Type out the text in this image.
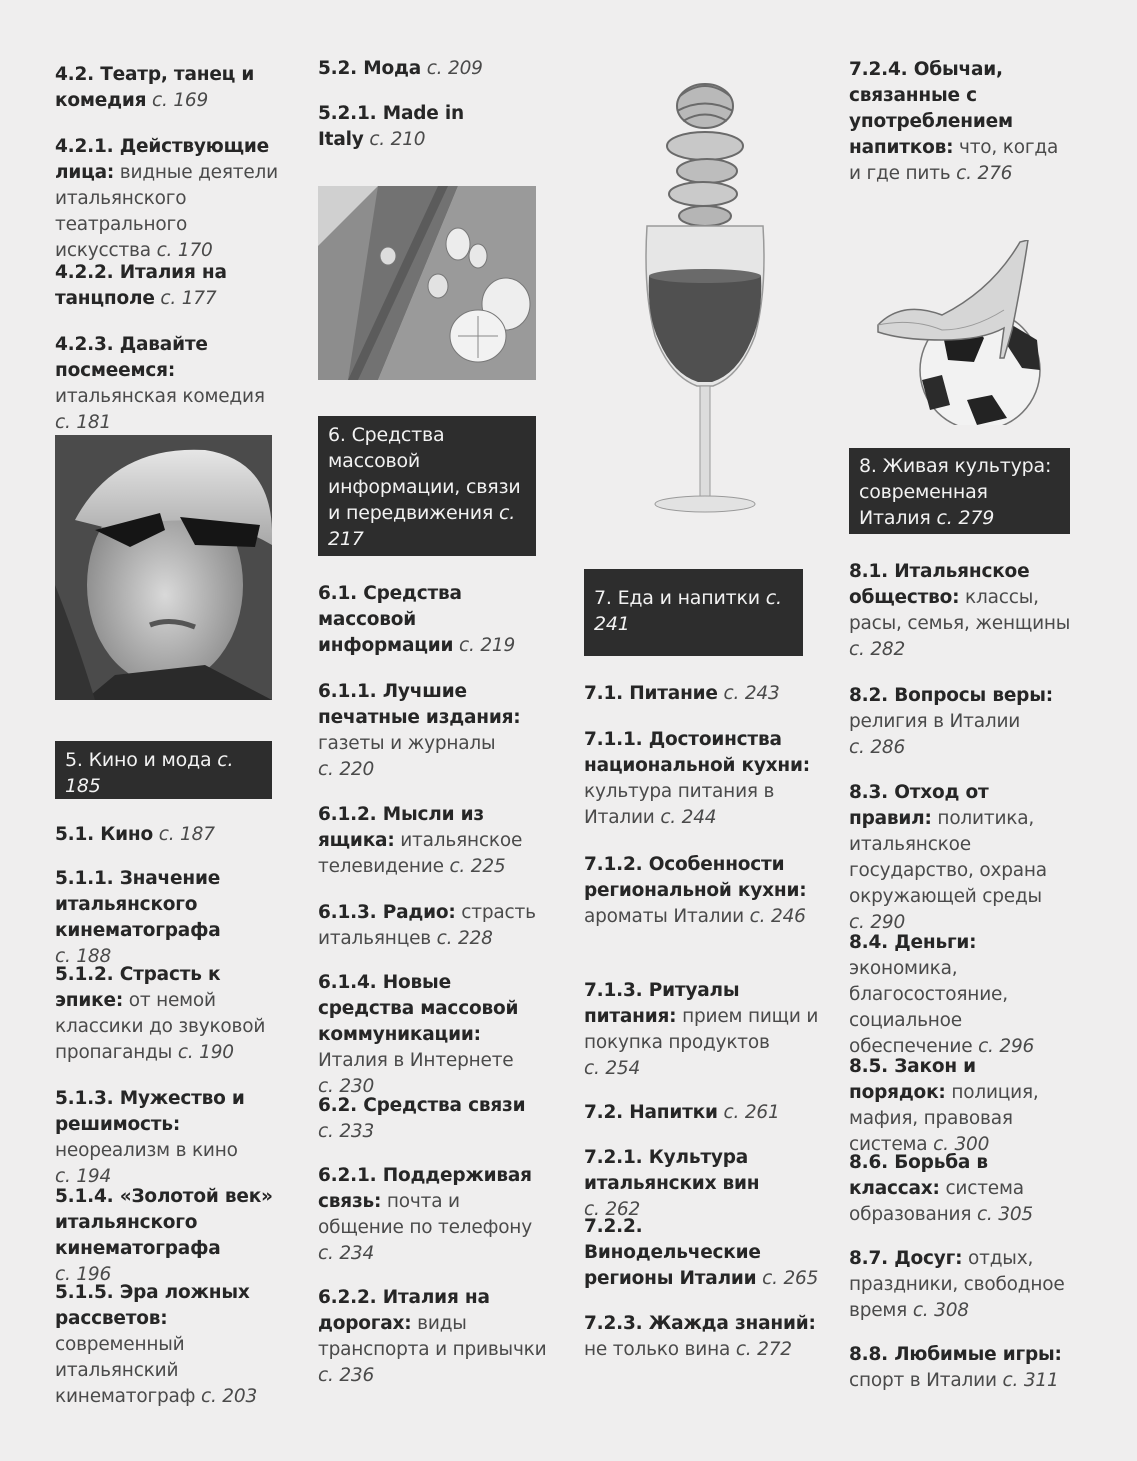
4.2. Театр, танец и комедия с. 169
4.2.1. Действующие лица: видные деятели итальянского театрального искусства с. 170
4.2.2. Италия на танцполе с. 177
4.2.3. Давайте посмеемся: итальянская комедия с. 181
5. Кино и мода с. 185
5.1. Кино с. 187
5.1.1. Значение итальянского кинематографа с. 188
5.1.2. Страсть к эпике: от немой классики до звуковой пропаганды с. 190
5.1.3. Мужество и решимость: неореализм в кино с. 194
5.1.4. «Золотой век» итальянского кинематографа с. 196
5.1.5. Эра ложных рассветов: современный итальянский кинематограф с. 203
5.2. Мода с. 209
5.2.1. Made in Italy с. 210
6. Средства массовой информации, связи и передвижения с. 217
6.1. Средства массовой информации с. 219
6.1.1. Лучшие печатные издания: газеты и журналы с. 220
6.1.2. Мысли из ящика: итальянское телевидение с. 225
6.1.3. Радио: страсть итальянцев с. 228
6.1.4. Новые средства массовой коммуникации: Италия в Интернете с. 230
6.2. Средства связи с. 233
6.2.1. Поддерживая связь: почта и общение по телефону с. 234
6.2.2. Италия на дорогах: виды транспорта и привычки с. 236
7. Еда и напитки с. 241
7.1. Питание с. 243
7.1.1. Достоинства национальной кухни: культура питания в Италии с. 244
7.1.2. Особенности региональной кухни: ароматы Италии с. 246
7.1.3. Ритуалы питания: прием пищи и покупка продуктов с. 254
7.2. Напитки с. 261
7.2.1. Культура итальянских вин с. 262
7.2.2. Винодельческие регионы Италии с. 265
7.2.3. Жажда знаний: не только вина с. 272
7.2.4. Обычаи, связанные с употреблением напитков: что, когда и где пить с. 276
8. Живая культура: современная Италия с. 279
8.1. Итальянское общество: классы, расы, семья, женщины с. 282
8.2. Вопросы веры: религия в Италии с. 286
8.3. Отход от правил: политика, итальянское государство, охрана окружающей среды с. 290
8.4. Деньги: экономика, благосостояние, социальное обеспечение с. 296
8.5. Закон и порядок: полиция, мафия, правовая система с. 300
8.6. Борьба в классах: система образования с. 305
8.7. Досуг: отдых, праздники, свободное время с. 308
8.8. Любимые игры: спорт в Италии с. 311
